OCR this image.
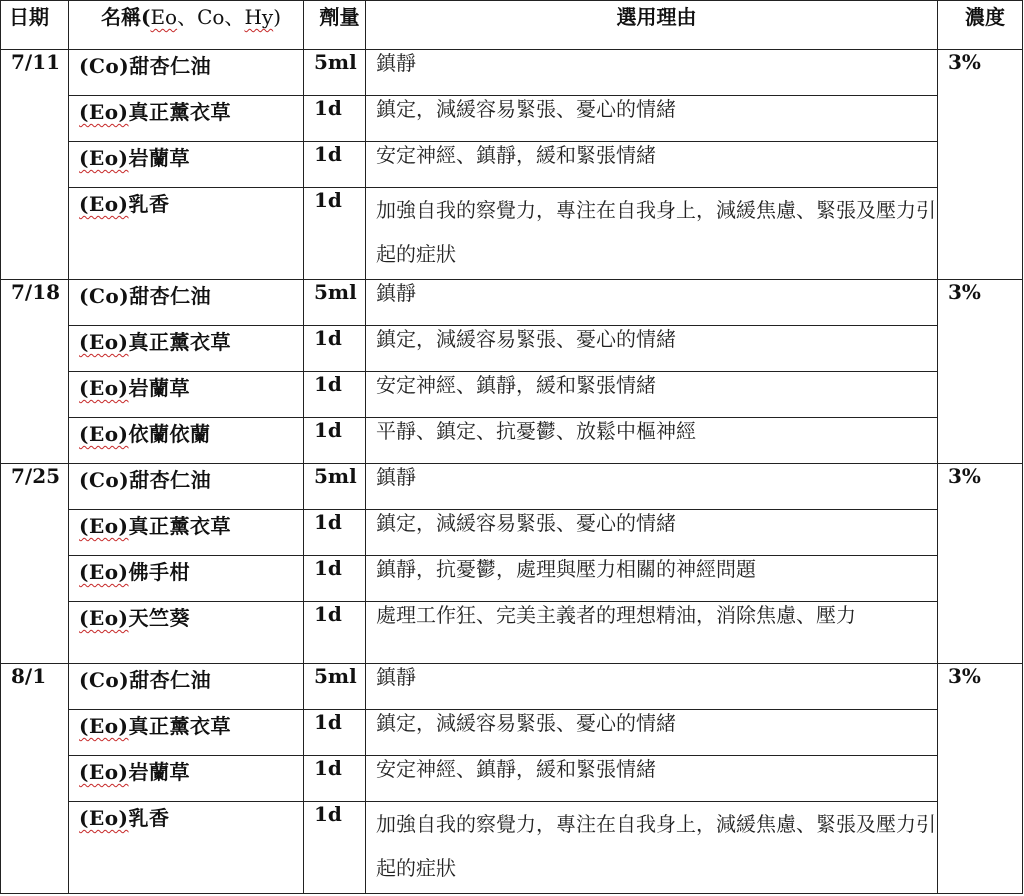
日期	名稱(Eo、Co、Hy)	劑量	選用理由	濃度
7/11	(Co)甜杏仁油	5ml	鎮靜	3%
	(Eo)真正薰衣草	1d	鎮定，減緩容易緊張、憂心的情緒	
	(Eo)岩蘭草	1d	安定神經、鎮靜，緩和緊張情緒	
	(Eo)乳香	1d	加強自我的察覺力，專注在自我身上，減緩焦慮、緊張及壓力引起的症狀	
7/18	(Co)甜杏仁油	5ml	鎮靜	3%
	(Eo)真正薰衣草	1d	鎮定，減緩容易緊張、憂心的情緒	
	(Eo)岩蘭草	1d	安定神經、鎮靜，緩和緊張情緒	
	(Eo)依蘭依蘭	1d	平靜、鎮定、抗憂鬱、放鬆中樞神經	
7/25	(Co)甜杏仁油	5ml	鎮靜	3%
	(Eo)真正薰衣草	1d	鎮定，減緩容易緊張、憂心的情緒	
	(Eo)佛手柑	1d	鎮靜，抗憂鬱，處理與壓力相關的神經問題	
	(Eo)天竺葵	1d	處理工作狂、完美主義者的理想精油，消除焦慮、壓力	
8/1	(Co)甜杏仁油	5ml	鎮靜	3%
	(Eo)真正薰衣草	1d	鎮定，減緩容易緊張、憂心的情緒	
	(Eo)岩蘭草	1d	安定神經、鎮靜，緩和緊張情緒	
	(Eo)乳香	1d	加強自我的察覺力，專注在自我身上，減緩焦慮、緊張及壓力引起的症狀	
